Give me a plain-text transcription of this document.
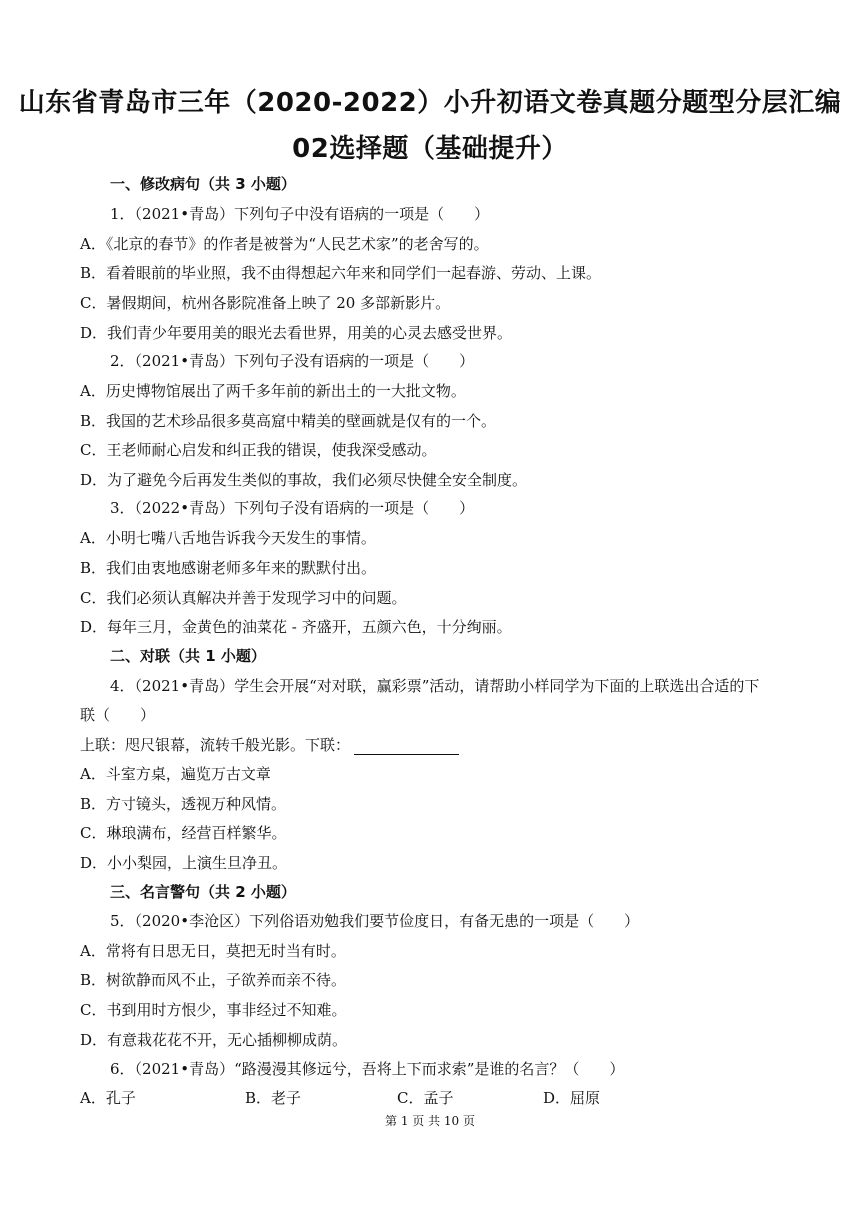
山东省青岛市三年（2020-2022）小升初语文卷真题分题型分层汇编
02选择题（基础提升）
一、修改病句（共 3 小题）
1．（2021•青岛）下列句子中没有语病的一项是（　　）
A．《北京的春节》的作者是被誉为“人民艺术家”的老舍写的。
B．看着眼前的毕业照，我不由得想起六年来和同学们一起春游、劳动、上课。
C．暑假期间，杭州各影院准备上映了 20 多部新影片。
D．我们青少年要用美的眼光去看世界，用美的心灵去感受世界。
2．（2021•青岛）下列句子没有语病的一项是（　　）
A．历史博物馆展出了两千多年前的新出土的一大批文物。
B．我国的艺术珍品很多莫高窟中精美的壁画就是仅有的一个。
C．王老师耐心启发和纠正我的错误，使我深受感动。
D．为了避免今后再发生类似的事故，我们必须尽快健全安全制度。
3．（2022•青岛）下列句子没有语病的一项是（　　）
A．小明七嘴八舌地告诉我今天发生的事情。
B．我们由衷地感谢老师多年来的默默付出。
C．我们必须认真解决并善于发现学习中的问题。
D．每年三月，金黄色的油菜花 - 齐盛开，五颜六色，十分绚丽。
二、对联（共 1 小题）
4．（2021•青岛）学生会开展“对对联，赢彩票”活动，请帮助小样同学为下面的上联选出合适的下
联（　　）
上联：咫尺银幕，流转千般光影。下联：
A．斗室方桌，遍览万古文章
B．方寸镜头，透视万种风情。
C．琳琅满布，经营百样繁华。
D．小小梨园，上演生旦净丑。
三、名言警句（共 2 小题）
5．（2020•李沧区）下列俗语劝勉我们要节俭度日，有备无患的一项是（　　）
A．常将有日思无日，莫把无时当有时。
B．树欲静而风不止，子欲养而亲不待。
C．书到用时方恨少，事非经过不知难。
D．有意栽花花不开，无心插柳柳成荫。
6．（2021•青岛）“路漫漫其修远兮，吾将上下而求索”是谁的名言？（　　）
A．孔子	B．老子	C．孟子	D．屈原
第 1 页 共 10 页
